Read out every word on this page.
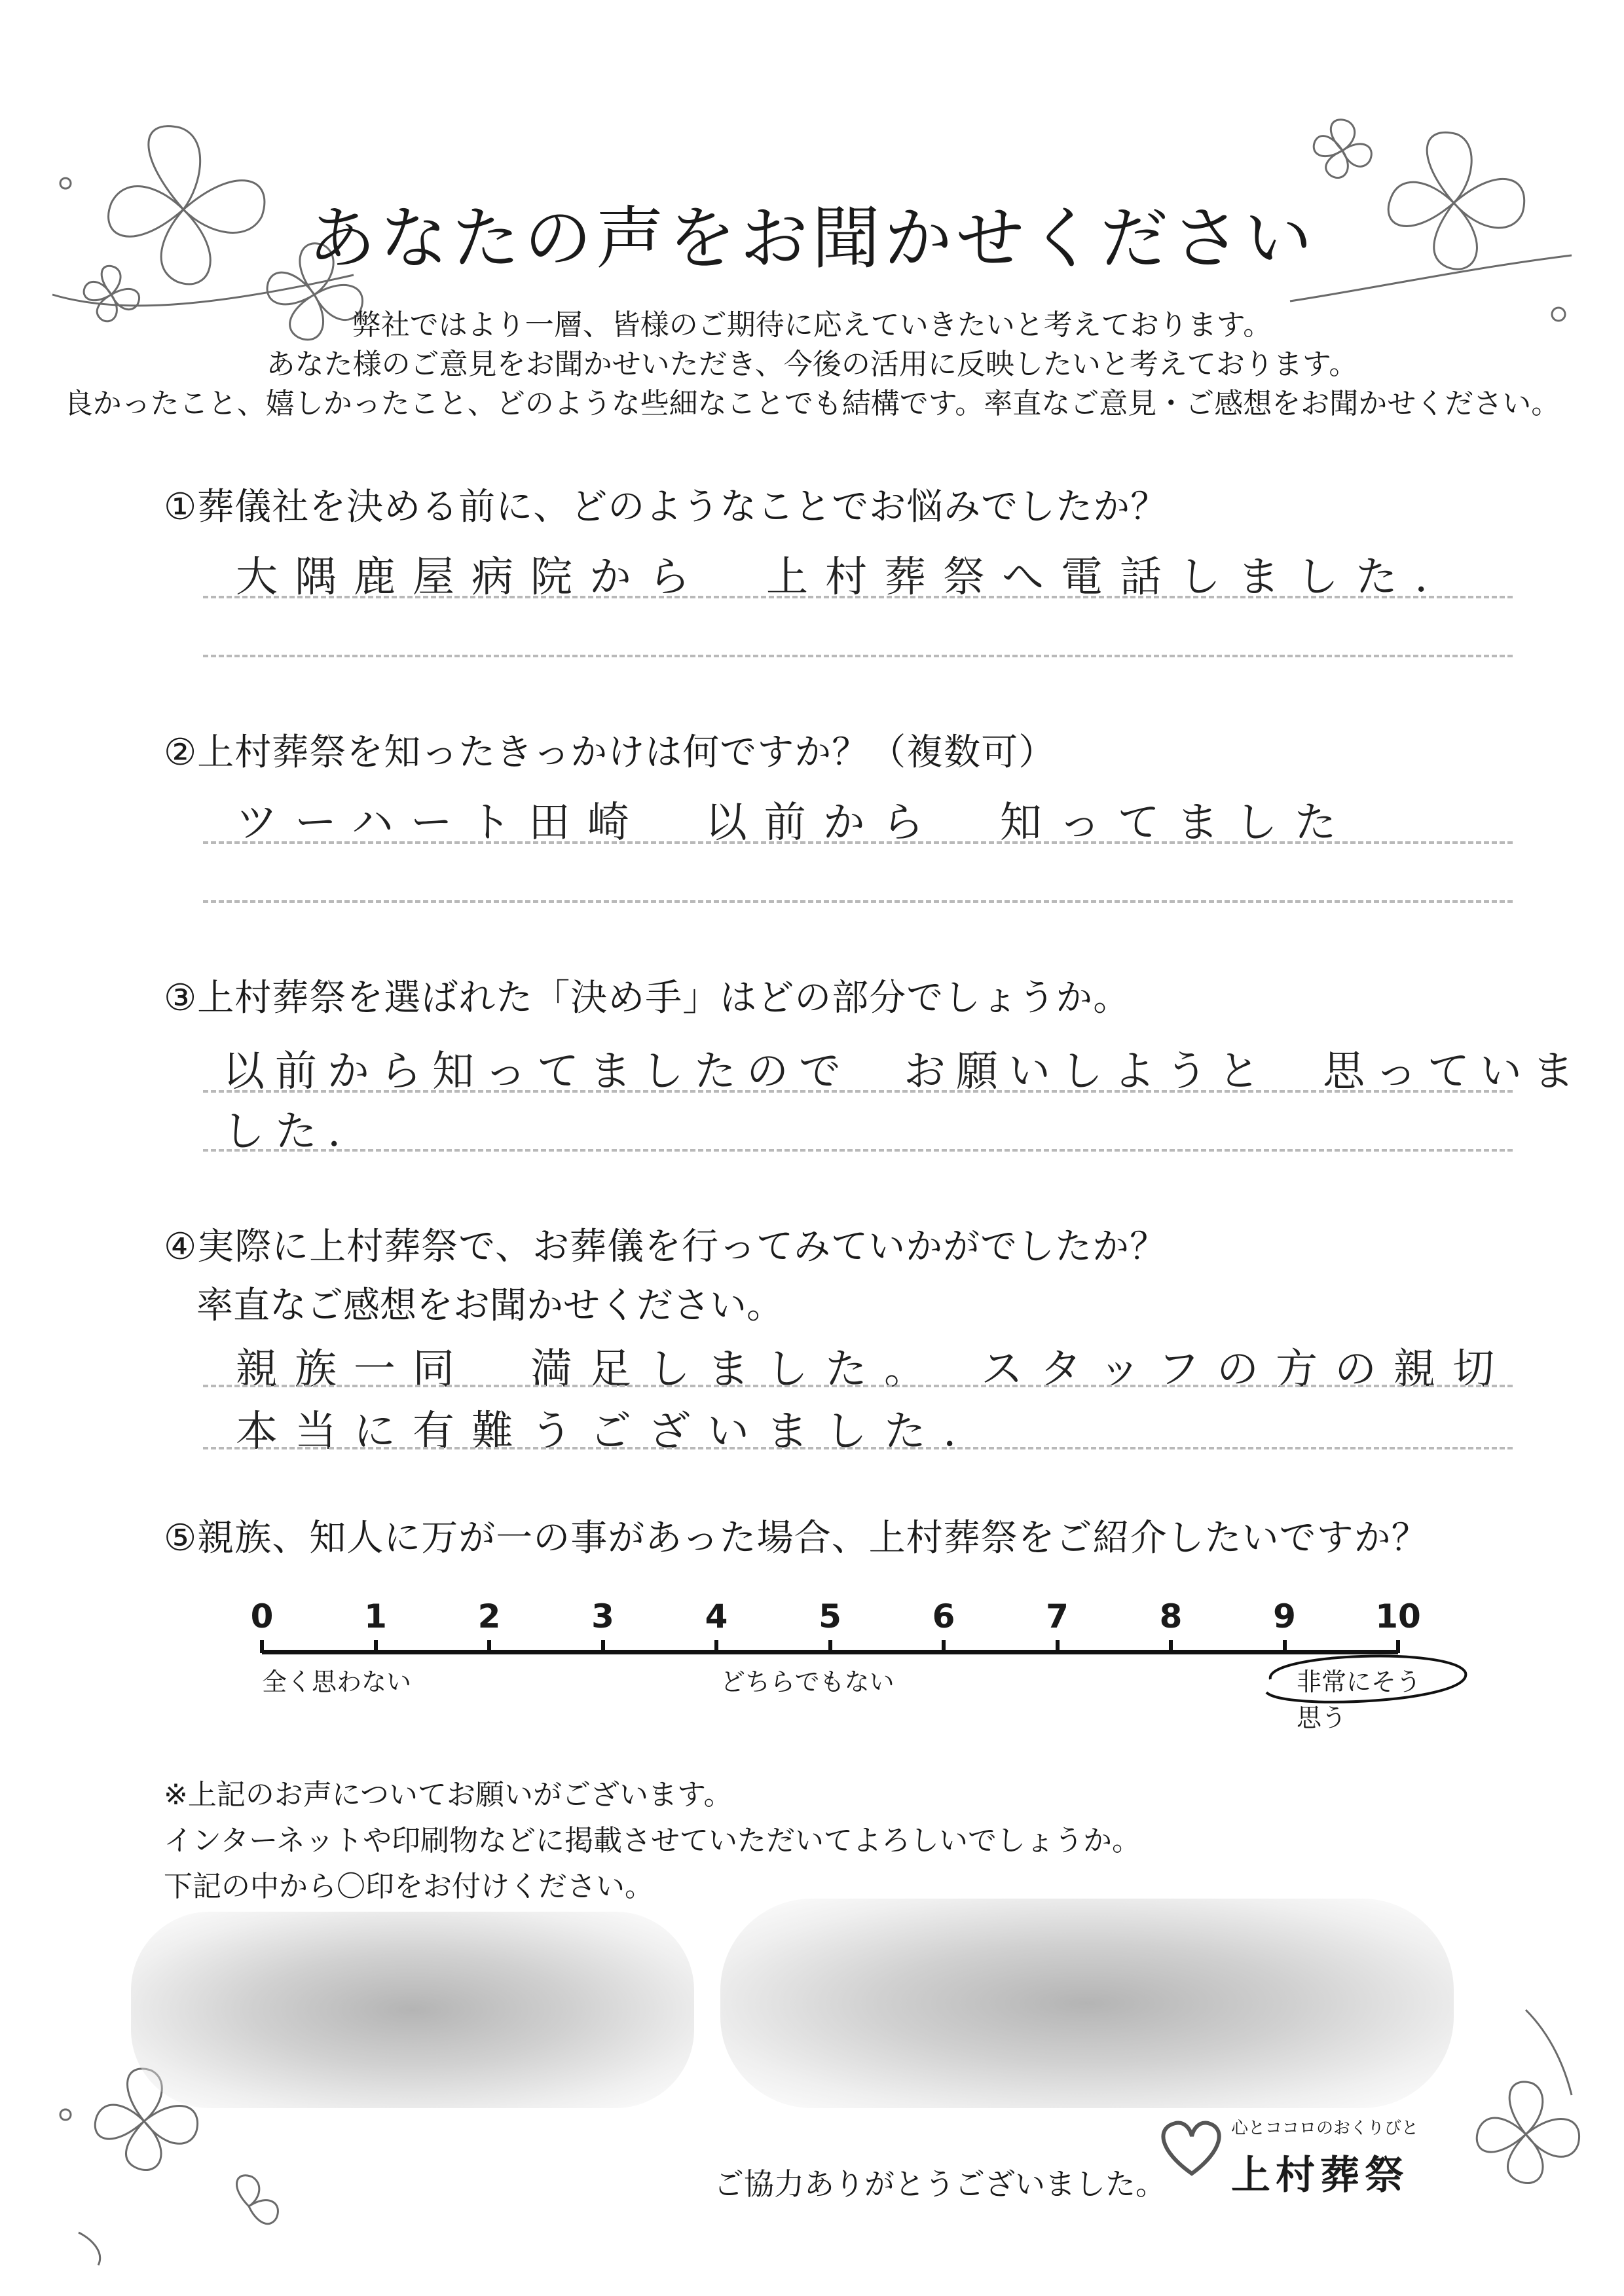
あなたの声をお聞かせください
弊社ではより一層、皆様のご期待に応えていきたいと考えております。
あなた様のご意見をお聞かせいただき、今後の活用に反映したいと考えております。
良かったこと、嬉しかったこと、どのような些細なことでも結構です。率直なご意見・ご感想をお聞かせください。
①葬儀社を決める前に、どのようなことでお悩みでしたか？
大隅鹿屋病院から　上村葬祭へ電話しました.
②上村葬祭を知ったきっかけは何ですか？（複数可）
ツーハート田崎　以前から　知ってました
③上村葬祭を選ばれた「決め手」はどの部分でしょうか。
以前から知ってましたので　お願いしようと　思っていました.
④実際に上村葬祭で、お葬儀を行ってみていかがでしたか？
率直なご感想をお聞かせください。
親族一同　満足しました。　スタッフの方の親切
本当に有難うございました.
⑤親族、知人に万が一の事があった場合、上村葬祭をご紹介したいですか？
0	1	2	3	4	5	6	7	8	9 10
全く思わない	どちらでもない	非常にそう思う
※上記のお声についてお願いがございます。
インターネットや印刷物などに掲載させていただいてよろしいでしょうか。
下記の中から〇印をお付けください。
ご協力ありがとうございました。
心とココロのおくりびと
上村葬祭
